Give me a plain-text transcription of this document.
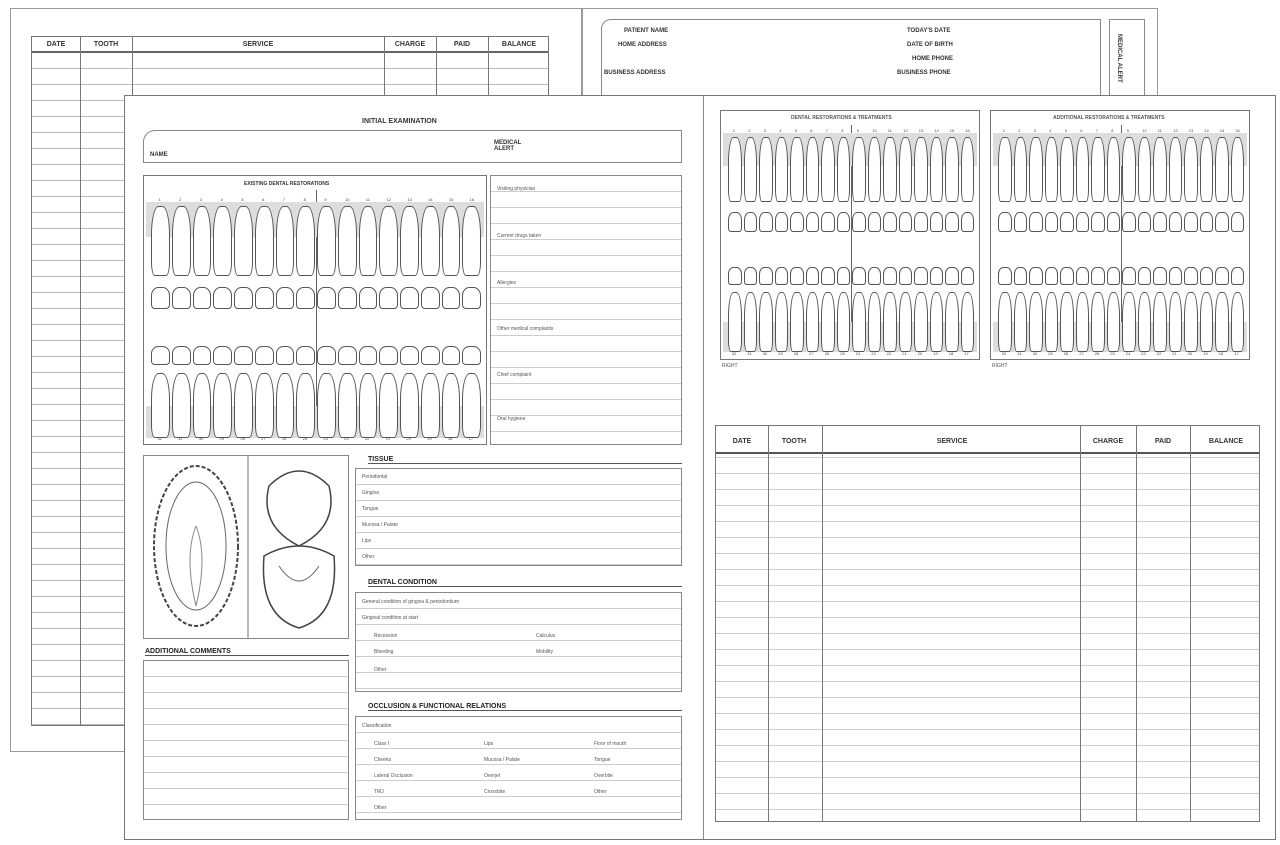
DATE	TOOTH	SERVICE	CHARGE	PAID	BALANCE
PATIENT NAME
HOME ADDRESS
BUSINESS ADDRESS
TODAY'S DATE
DATE OF BIRTH
HOME PHONE
BUSINESS PHONE	MEDICAL ALERT
INITIAL EXAMINATION
NAME
MEDICAL ALERT
EXISTING DENTAL RESTORATIONS
1
32
2
31
3
30
4
29
5
28
6
27
7
26
8
25
9
24
10
23
11
22
12
21
13
20
14
19
15
18
16
17
Visiting physician
Current drugs taken
Allergies
Other medical complaints
Chief complaint
Oral hygiene
ADDITIONAL COMMENTS
TISSUE
Periodontal
Gingiva
Tongue
Mucosa / Palate
Lips
Other
DENTAL CONDITION
General condition of gingiva & periodontium
Gingival condition at start
Recession	Calculus
Bleeding	Mobility
Other
OCCLUSION & FUNCTIONAL RELATIONS
Classification
Other
Class I	Lips	Floor of mouth
Cheeks	Mucosa / Palate	Tongue
Lateral Occlusion	Overjet	Overbite
TMJ	Crossbite	Other
DENTAL RESTORATIONS & TREATMENTS
1
32
2
31
3
30
4
29
5
28
6
27
7
26
8
25
9
24
10
23
11
22
12
21
13
20
14
19
15
18
16
17
RIGHT
ADDITIONAL RESTORATIONS & TREATMENTS
1
32
2
31
3
30
4
29
5
28
6
27
7
26
8
25
9
24
10
23
11
22
12
21
13
20
14
19
15
18
16
17
RIGHT
DATE	TOOTH	SERVICE	CHARGE	PAID	BALANCE
